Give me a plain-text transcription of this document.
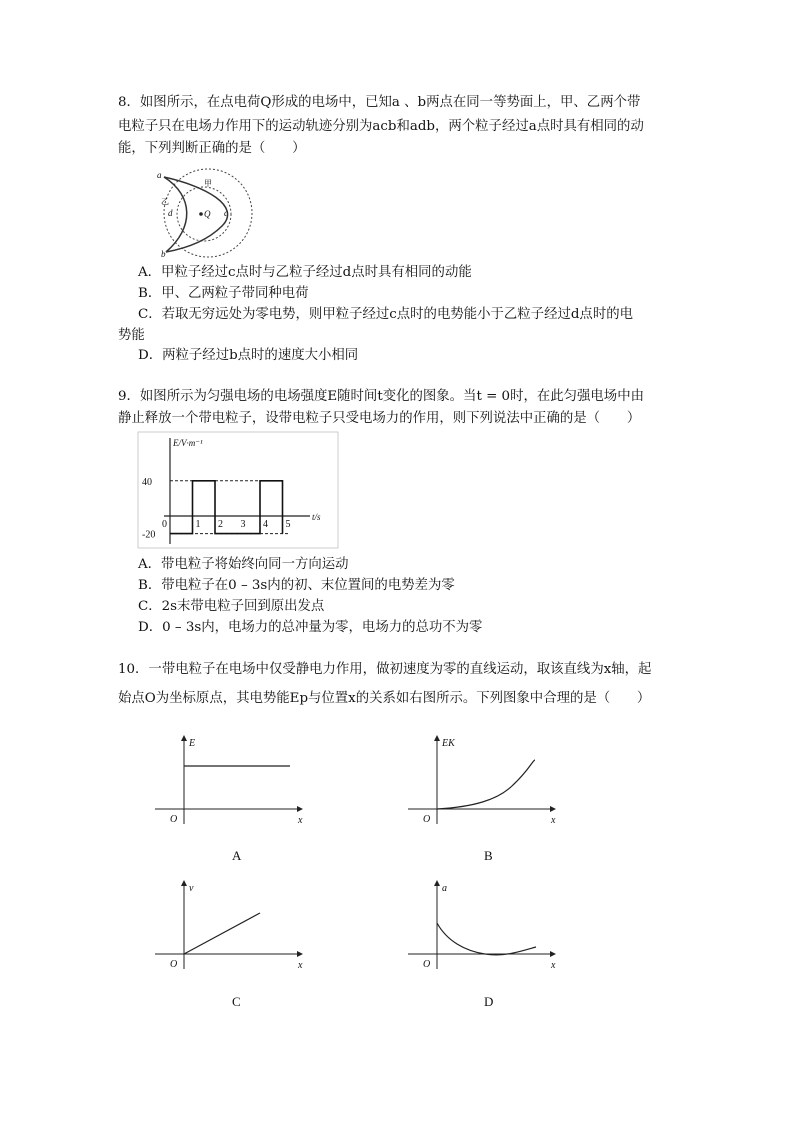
8．如图所示，在点电荷Q形成的电场中，已知a 、b两点在同一等势面上，甲、乙两个带
电粒子只在电场力作用下的运动轨迹分别为acb和adb，两个粒子经过a点时具有相同的动
能，下列判断正确的是（　　）
a
b
c
d	Q
甲
乙
A．甲粒子经过c点时与乙粒子经过d点时具有相同的动能
B．甲、乙两粒子带同种电荷
C．若取无穷远处为零电势，则甲粒子经过c点时的电势能小于乙粒子经过d点时的电
势能
D．两粒子经过b点时的速度大小相同
9．如图所示为匀强电场的电场强度E随时间t变化的图象。当t = 0时，在此匀强电场中由
静止释放一个带电粒子，设带电粒子只受电场力的作用，则下列说法中正确的是（　　）
40
-20
0	1 2 3 4 5
E/V·m⁻¹
t/s
A．带电粒子将始终向同一方向运动
B．带电粒子在0 – 3s内的初、末位置间的电势差为零
C．2s末带电粒子回到原出发点
D．0 – 3s内，电场力的总冲量为零，电场力的总功不为零
10．一带电粒子在电场中仅受静电力作用，做初速度为零的直线运动，取该直线为x轴，起
始点O为坐标原点，其电势能Ep与位置x的关系如右图所示。下列图象中合理的是（　　）
E
x
O
A
EK
x
O
B
v
x
O
C
a
x
O
D
